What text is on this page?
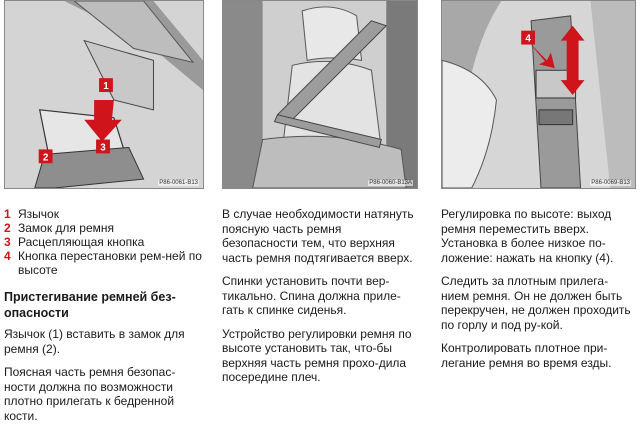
1
2
3
P86-0061-B13
1 Язычок
2 Замок для ремня
3 Расцепляющая кнопка
4 Кнопка перестановки рем-ней по высоте
Пристегивание ремней без-опасности

Язычок (1) вставить в замок для ремня (2).

Поясная часть ремня безопас-ности должна по возможности плотно прилегать к бедренной кости.

P86-0060-B13A

В случае необходимости натянуть поясную часть ремня безопасности тем, что верхняя часть ремня подтягивается вверх.

Спинки установить почти вер-тикально. Спина должна приле-гать к спинке сиденья.

Устройство регулировки ремня по высоте установить так, что-бы верхняя часть ремня прохо-дила посередине плеч.

4
P86-0069-B13

Регулировка по высоте: выход ремня переместить вверх. Установка в более низкое по-ложение: нажать на кнопку (4).

Следить за плотным прилега-нием ремня. Он не должен быть перекручен, не должен проходить по горлу и под ру-кой.

Контролировать плотное при-легание ремня во время езды.
